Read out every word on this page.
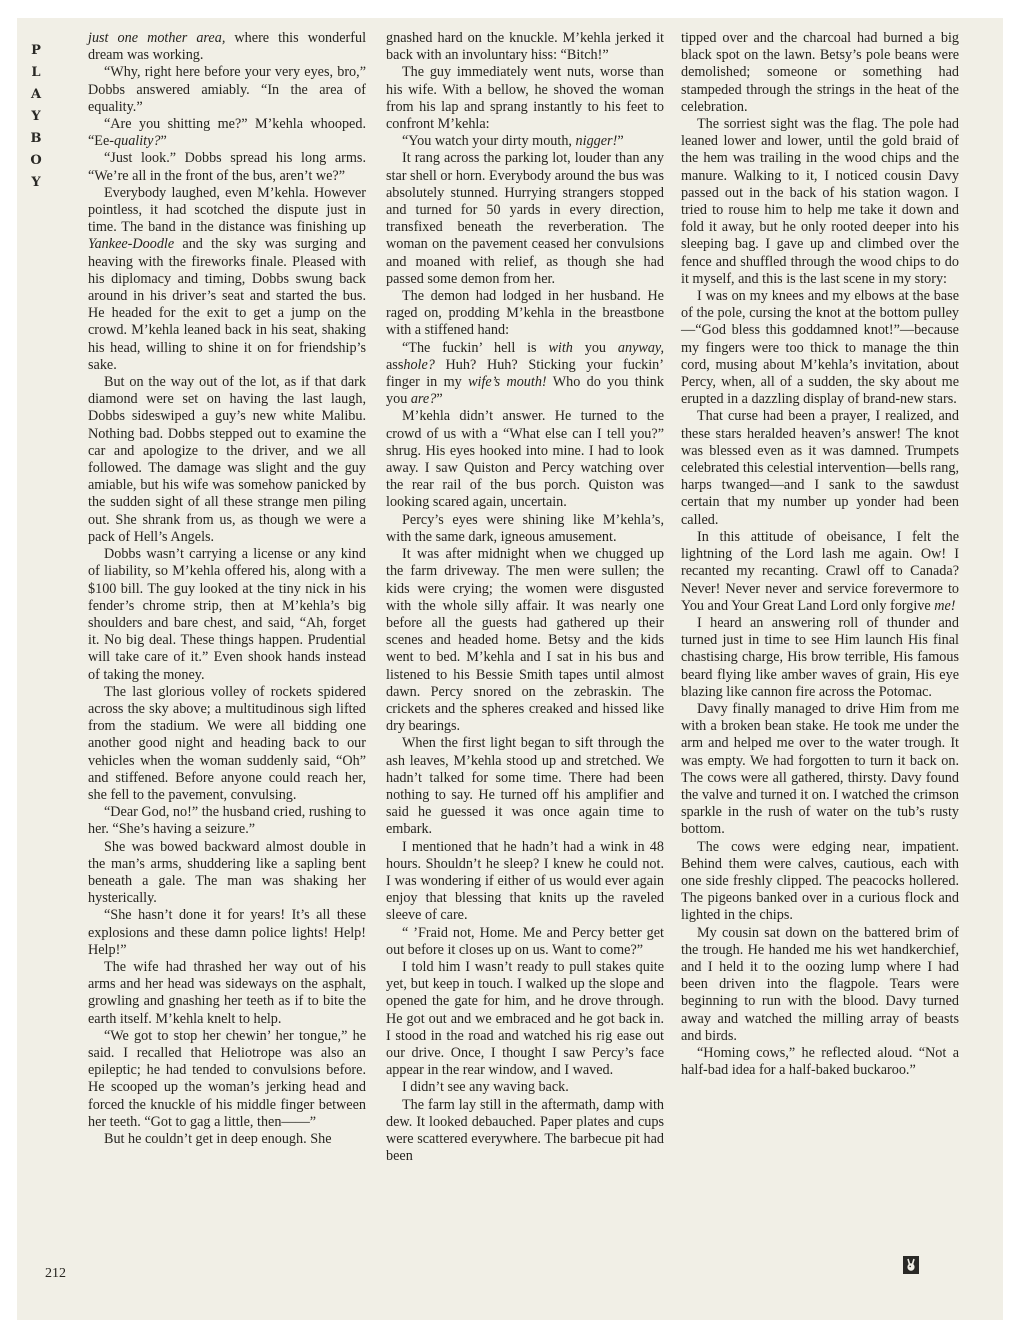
P
L
A
Y
B
O
Y

just one mother area, where this wonderful dream was working.

“Why, right here before your very eyes, bro,” Dobbs answered amiably. “In the area of equality.”

“Are you shitting me?” M’kehla whooped. “Ee-quality?”

“Just look.” Dobbs spread his long arms. “We’re all in the front of the bus, aren’t we?”

Everybody laughed, even M’kehla. However pointless, it had scotched the dispute just in time. The band in the distance was finishing up Yankee-Doodle and the sky was surging and heaving with the fireworks finale. Pleased with his diplomacy and timing, Dobbs swung back around in his driver’s seat and started the bus. He headed for the exit to get a jump on the crowd. M’kehla leaned back in his seat, shaking his head, willing to shine it on for friendship’s sake.

But on the way out of the lot, as if that dark diamond were set on having the last laugh, Dobbs sideswiped a guy’s new white Malibu. Nothing bad. Dobbs stepped out to examine the car and apologize to the driver, and we all followed. The damage was slight and the guy amiable, but his wife was somehow panicked by the sudden sight of all these strange men piling out. She shrank from us, as though we were a pack of Hell’s Angels.

Dobbs wasn’t carrying a license or any kind of liability, so M’kehla offered his, along with a $100 bill. The guy looked at the tiny nick in his fender’s chrome strip, then at M’kehla’s big shoulders and bare chest, and said, “Ah, forget it. No big deal. These things happen. Prudential will take care of it.” Even shook hands instead of taking the money.

The last glorious volley of rockets spidered across the sky above; a multitudinous sigh lifted from the stadium. We were all bidding one another good night and heading back to our vehicles when the woman suddenly said, “Oh” and stiffened. Before anyone could reach her, she fell to the pavement, convulsing.

“Dear God, no!” the husband cried, rushing to her. “She’s having a seizure.”

She was bowed backward almost double in the man’s arms, shuddering like a sapling bent beneath a gale. The man was shaking her hysterically.

“She hasn’t done it for years! It’s all these explosions and these damn police lights! Help! Help!”

The wife had thrashed her way out of his arms and her head was sideways on the asphalt, growling and gnashing her teeth as if to bite the earth itself. M’kehla knelt to help.

“We got to stop her chewin’ her tongue,” he said. I recalled that Heliotrope was also an epileptic; he had tended to convulsions before. He scooped up the woman’s jerking head and forced the knuckle of his middle finger between her teeth. “Got to gag a little, then——”

But he couldn’t get in deep enough. She

gnashed hard on the knuckle. M’kehla jerked it back with an involuntary hiss: “Bitch!”

The guy immediately went nuts, worse than his wife. With a bellow, he shoved the woman from his lap and sprang instantly to his feet to confront M’kehla:

“You watch your dirty mouth, nigger!”

It rang across the parking lot, louder than any star shell or horn. Everybody around the bus was absolutely stunned. Hurrying strangers stopped and turned for 50 yards in every direction, transfixed beneath the reverberation. The woman on the pavement ceased her convulsions and moaned with relief, as though she had passed some demon from her.

The demon had lodged in her husband. He raged on, prodding M’kehla in the breastbone with a stiffened hand:

“The fuckin’ hell is with you anyway, asshole? Huh? Huh? Sticking your fuckin’ finger in my wife’s mouth! Who do you think you are?”

M’kehla didn’t answer. He turned to the crowd of us with a “What else can I tell you?” shrug. His eyes hooked into mine. I had to look away. I saw Quiston and Percy watching over the rear rail of the bus porch. Quiston was looking scared again, uncertain.

Percy’s eyes were shining like M’kehla’s, with the same dark, igneous amusement.

It was after midnight when we chugged up the farm driveway. The men were sullen; the kids were crying; the women were disgusted with the whole silly affair. It was nearly one before all the guests had gathered up their scenes and headed home. Betsy and the kids went to bed. M’kehla and I sat in his bus and listened to his Bessie Smith tapes until almost dawn. Percy snored on the zebraskin. The crickets and the spheres creaked and hissed like dry bearings.

When the first light began to sift through the ash leaves, M’kehla stood up and stretched. We hadn’t talked for some time. There had been nothing to say. He turned off his amplifier and said he guessed it was once again time to embark.

I mentioned that he hadn’t had a wink in 48 hours. Shouldn’t he sleep? I knew he could not. I was wondering if either of us would ever again enjoy that blessing that knits up the raveled sleeve of care.

“ ’Fraid not, Home. Me and Percy better get out before it closes up on us. Want to come?”

I told him I wasn’t ready to pull stakes quite yet, but keep in touch. I walked up the slope and opened the gate for him, and he drove through. He got out and we embraced and he got back in. I stood in the road and watched his rig ease out our drive. Once, I thought I saw Percy’s face appear in the rear window, and I waved.

I didn’t see any waving back.

The farm lay still in the aftermath, damp with dew. It looked debauched. Paper plates and cups were scattered everywhere. The barbecue pit had been

tipped over and the charcoal had burned a big black spot on the lawn. Betsy’s pole beans were demolished; someone or something had stampeded through the strings in the heat of the celebration.

The sorriest sight was the flag. The pole had leaned lower and lower, until the gold braid of the hem was trailing in the wood chips and the manure. Walking to it, I noticed cousin Davy passed out in the back of his station wagon. I tried to rouse him to help me take it down and fold it away, but he only rooted deeper into his sleeping bag. I gave up and climbed over the fence and shuffled through the wood chips to do it myself, and this is the last scene in my story:

I was on my knees and my elbows at the base of the pole, cursing the knot at the bottom pulley—“God bless this goddamned knot!”—because my fingers were too thick to manage the thin cord, musing about M’kehla’s invitation, about Percy, when, all of a sudden, the sky about me erupted in a dazzling display of brand-new stars.

That curse had been a prayer, I realized, and these stars heralded heaven’s answer! The knot was blessed even as it was damned. Trumpets celebrated this celestial intervention—bells rang, harps twanged—and I sank to the sawdust certain that my number up yonder had been called.

In this attitude of obeisance, I felt the lightning of the Lord lash me again. Ow! I recanted my recanting. Crawl off to Canada? Never! Never never and service forevermore to You and Your Great Land Lord only forgive me!

I heard an answering roll of thunder and turned just in time to see Him launch His final chastising charge, His brow terrible, His famous beard flying like amber waves of grain, His eye blazing like cannon fire across the Potomac.

Davy finally managed to drive Him from me with a broken bean stake. He took me under the arm and helped me over to the water trough. It was empty. We had forgotten to turn it back on. The cows were all gathered, thirsty. Davy found the valve and turned it on. I watched the crimson sparkle in the rush of water on the tub’s rusty bottom.

The cows were edging near, impatient. Behind them were calves, cautious, each with one side freshly clipped. The peacocks hollered. The pigeons banked over in a curious flock and lighted in the chips.

My cousin sat down on the battered brim of the trough. He handed me his wet handkerchief, and I held it to the oozing lump where I had been driven into the flagpole. Tears were beginning to run with the blood. Davy turned away and watched the milling array of beasts and birds.

“Homing cows,” he reflected aloud. “Not a half-bad idea for a half-baked buckaroo.”

212
